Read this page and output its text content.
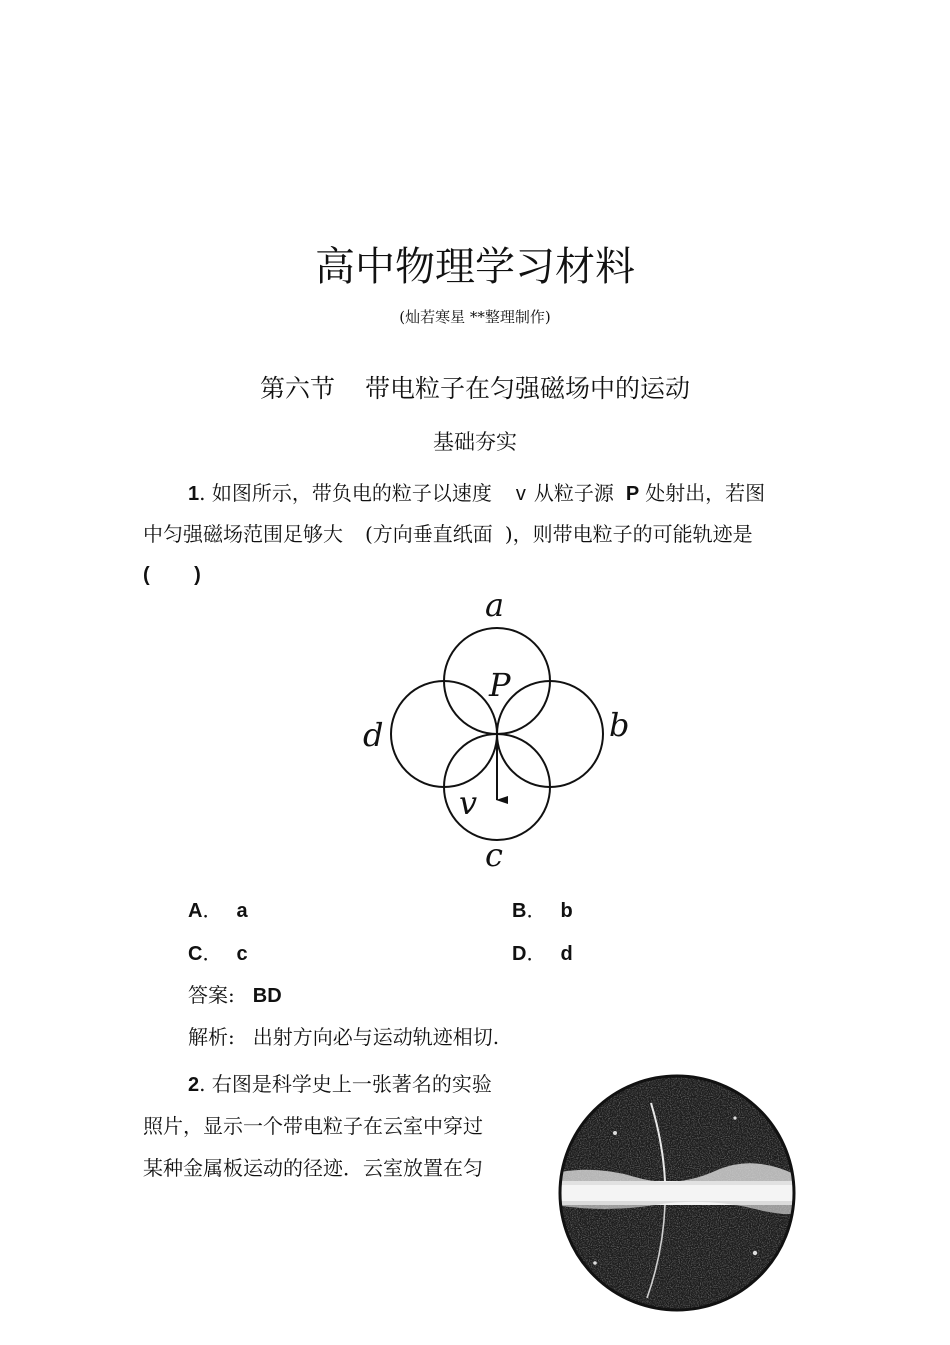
高中物理学习材料
(灿若寒星 **整理制作)
第六节 带电粒子在匀强磁场中的运动
基础夯实
1. 如图所示，带负电的粒子以速度 v 从粒子源 P 处射出，若图
中匀强磁场范围足够大 (方向垂直纸面 )，则带电粒子的可能轨迹是
(        )
a
b
c
d
P
v
A． a	B． b
C． c	D． d
答案: BD
解析: 出射方向必与运动轨迹相切.
2. 右图是科学史上一张著名的实验
照片，显示一个带电粒子在云室中穿过
某种金属板运动的径迹．云室放置在匀
